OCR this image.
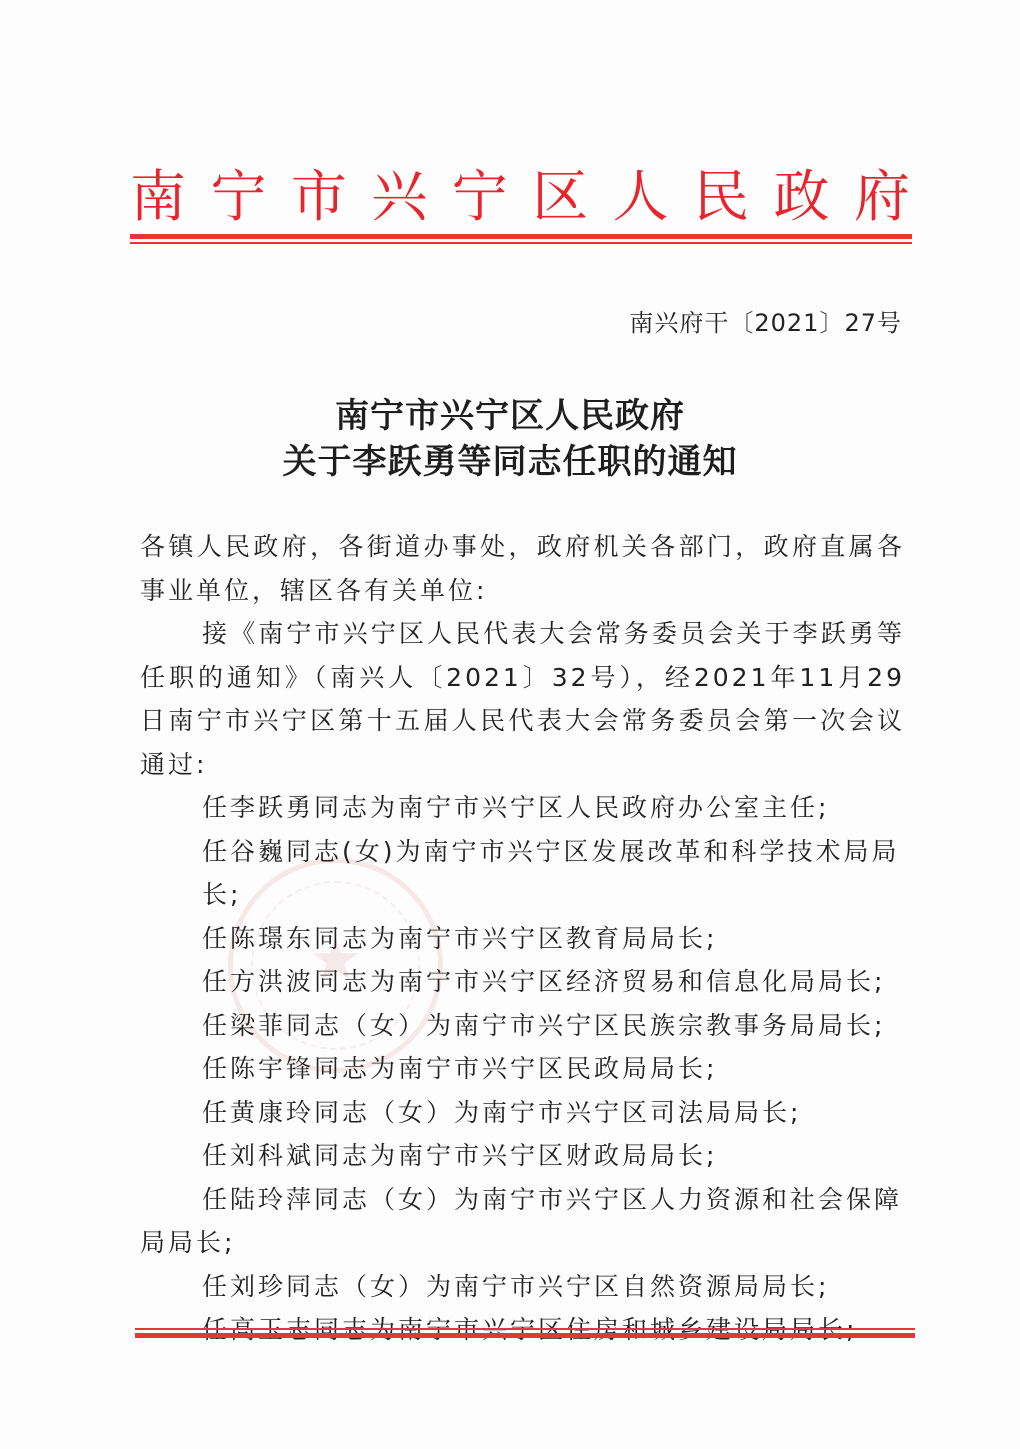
南 宁 市 兴 宁 区 人 民 政 府
南兴府干〔2021〕27号
南宁市兴宁区人民政府
关于李跃勇等同志任职的通知
★

各镇人民政府，各街道办事处，政府机关各部门，政府直属各事业单位，辖区各有关单位:

接《南宁市兴宁区人民代表大会常务委员会关于李跃勇等任职的通知》（南兴人〔2021〕32号），经2021年11月29日南宁市兴宁区第十五届人民代表大会常务委员会第一次会议通过:

任李跃勇同志为南宁市兴宁区人民政府办公室主任;

任谷巍同志(女)为南宁市兴宁区发展改革和科学技术局局长;

任陈璟东同志为南宁市兴宁区教育局局长;

任方洪波同志为南宁市兴宁区经济贸易和信息化局局长;

任梁菲同志（女）为南宁市兴宁区民族宗教事务局局长;

任陈宇锋同志为南宁市兴宁区民政局局长;

任黄康玲同志（女）为南宁市兴宁区司法局局长;

任刘科斌同志为南宁市兴宁区财政局局长;

任陆玲萍同志（女）为南宁市兴宁区人力资源和社会保障局局长;

任刘珍同志（女）为南宁市兴宁区自然资源局局长;
